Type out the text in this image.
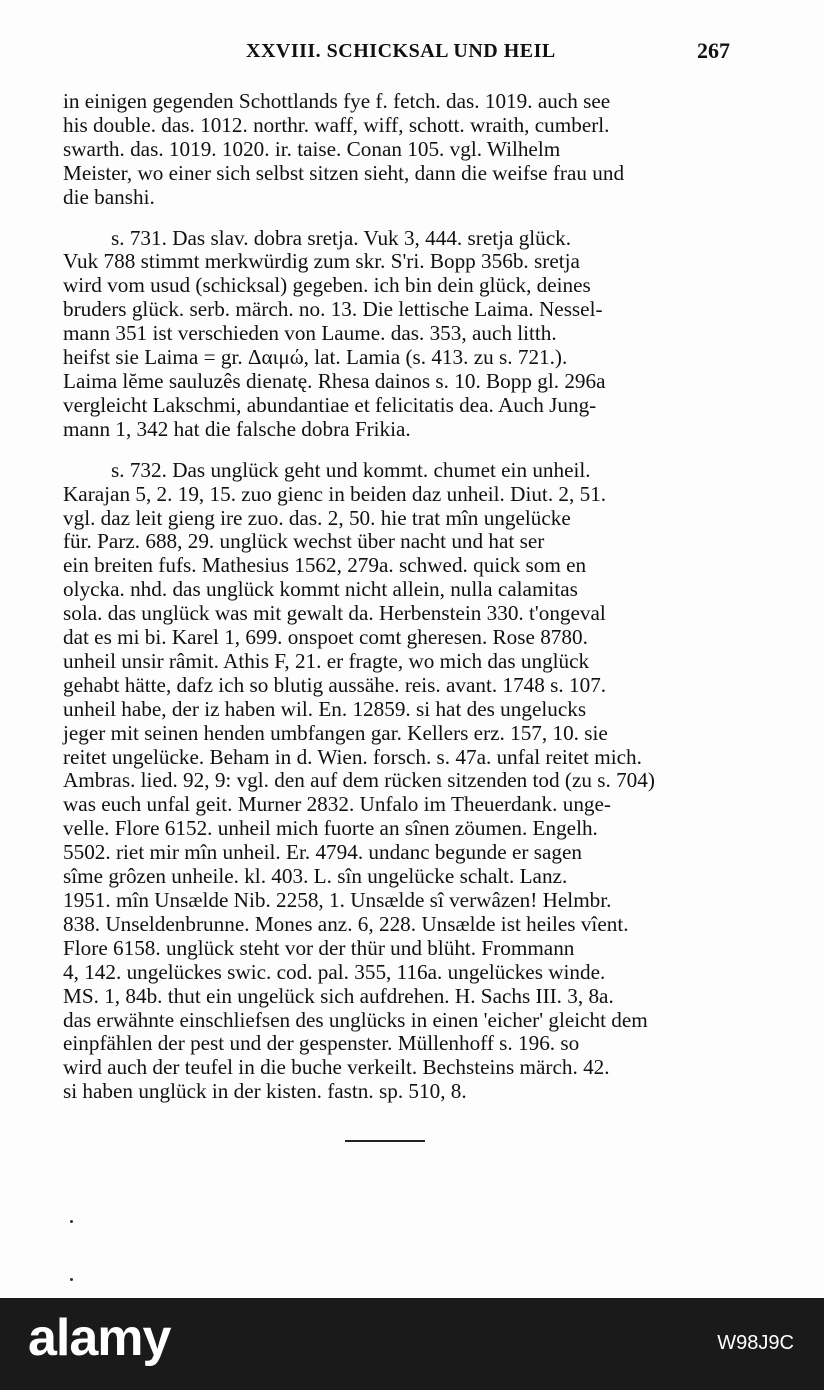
XXVIII. SCHICKSAL UND HEIL	267
in einigen gegenden Schottlands fye f. fetch. das. 1019. auch see
his double. das. 1012. northr. waff, wiff, schott. wraith, cumberl.
swarth. das. 1019. 1020. ir. taise. Conan 105. vgl. Wilhelm
Meister, wo einer sich selbst sitzen sieht, dann die weifse frau und
die banshi.
s. 731. Das slav. dobra sretja. Vuk 3, 444. sretja glück.
Vuk 788 stimmt merkwürdig zum skr. S'ri. Bopp 356b. sretja
wird vom usud (schicksal) gegeben. ich bin dein glück, deines
bruders glück. serb. märch. no. 13. Die lettische Laima. Nessel-
mann 351 ist verschieden von Laume. das. 353, auch litth.
heifst sie Laima = gr. Δαιμώ, lat. Lamia (s. 413. zu s. 721.).
Laima lĕme sauluzês dienatę. Rhesa dainos s. 10. Bopp gl. 296a
vergleicht Lakschmi, abundantiae et felicitatis dea. Auch Jung-
mann 1, 342 hat die falsche dobra Frikia.
s. 732. Das unglück geht und kommt. chumet ein unheil.
Karajan 5, 2. 19, 15. zuo gienc in beiden daz unheil. Diut. 2, 51.
vgl. daz leit gieng ire zuo. das. 2, 50. hie trat mîn ungelücke
für. Parz. 688, 29. unglück wechst über nacht und hat ser
ein breiten fufs. Mathesius 1562, 279a. schwed. quick som en
olycka. nhd. das unglück kommt nicht allein, nulla calamitas
sola. das unglück was mit gewalt da. Herbenstein 330. t'ongeval
dat es mi bi. Karel 1, 699. onspoet comt gheresen. Rose 8780.
unheil unsir râmit. Athis F, 21. er fragte, wo mich das unglück
gehabt hätte, dafz ich so blutig aussähe. reis. avant. 1748 s. 107.
unheil habe, der iz haben wil. En. 12859. si hat des ungelucks
jeger mit seinen henden umbfangen gar. Kellers erz. 157, 10. sie
reitet ungelücke. Beham in d. Wien. forsch. s. 47a. unfal reitet mich.
Ambras. lied. 92, 9: vgl. den auf dem rücken sitzenden tod (zu s. 704)
was euch unfal geit. Murner 2832. Unfalo im Theuerdank. unge-
velle. Flore 6152. unheil mich fuorte an sînen zöumen. Engelh.
5502. riet mir mîn unheil. Er. 4794. undanc begunde er sagen
sîme grôzen unheile. kl. 403. L. sîn ungelücke schalt. Lanz.
1951. mîn Unsælde Nib. 2258, 1. Unsælde sî verwâzen! Helmbr.
838. Unseldenbrunne. Mones anz. 6, 228. Unsælde ist heiles vîent.
Flore 6158. unglück steht vor der thür und blüht. Frommann
4, 142. ungelückes swic. cod. pal. 355, 116a. ungelückes winde.
MS. 1, 84b. thut ein ungelück sich aufdrehen. H. Sachs III. 3, 8a.
das erwähnte einschliefsen des unglücks in einen 'eicher' gleicht dem
einpfählen der pest und der gespenster. Müllenhoff s. 196. so
wird auch der teufel in die buche verkeilt. Bechsteins märch. 42.
si haben unglück in der kisten. fastn. sp. 510, 8.
alamy	W98J9C
